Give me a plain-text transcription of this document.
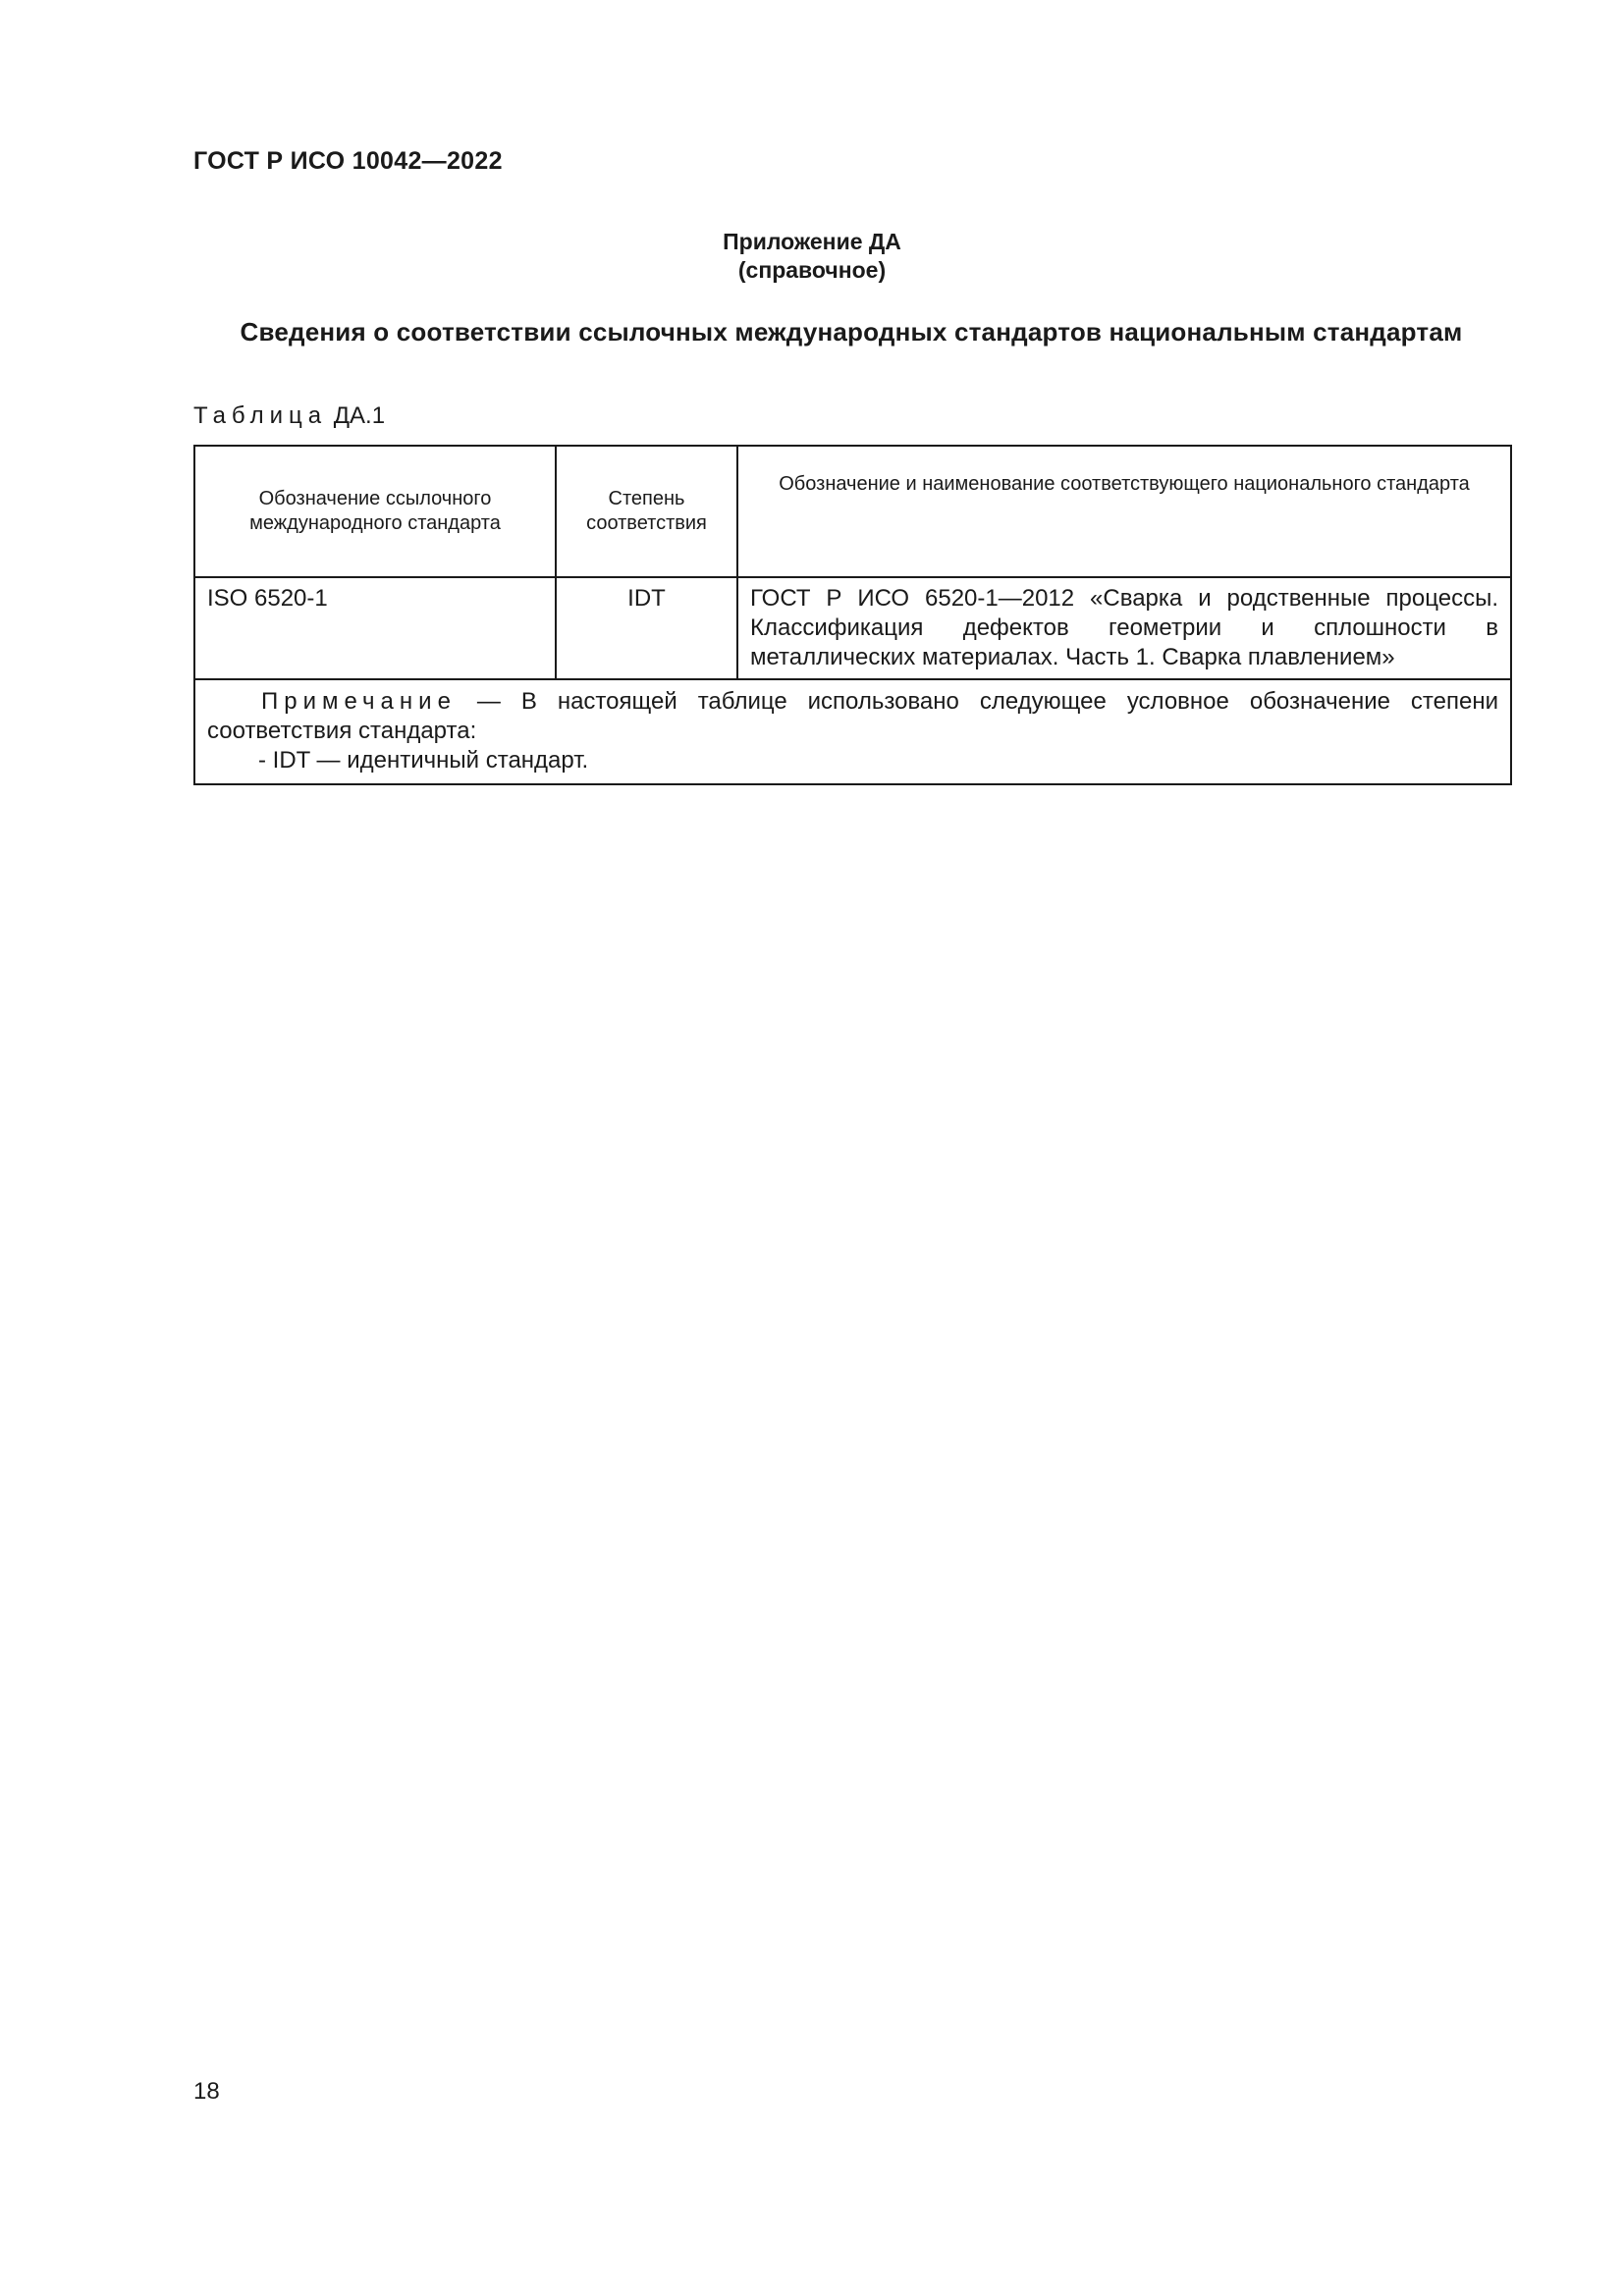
ГОСТ Р ИСО 10042—2022
Приложение ДА
(справочное)
Сведения о соответствии ссылочных международных стандартов национальным стандартам
Таблица ДА.1
Обозначение ссылочного международного стандарта	Степень соответствия	Обозначение и наименование соответствующего национального стандарта
ISO 6520-1	IDT	ГОСТ Р ИСО 6520-1—2012 «Сварка и родственные процессы. Классификация дефектов геометрии и сплошности в металлических материалах. Часть 1. Сварка плавлением»

Примечание — В настоящей таблице использовано следующее условное обозначение степени соответствия стандарта:
- IDT — идентичный стандарт.		
18
